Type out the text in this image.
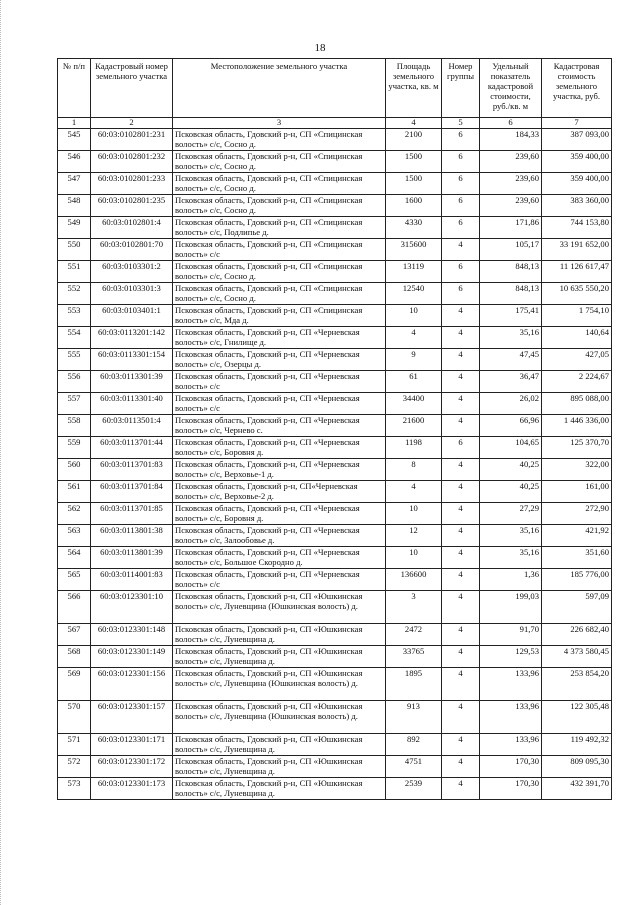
18
№ п/п	Кадастровый номер земельного участка	Местоположение земельного участка	Площадь земельного участка, кв. м	Номер группы	Удельный показатель кадастровой стоимости, руб./кв. м	Кадастровая стоимость земельного участка, руб.
1	2	3	4	5	6	7
545	60:03:0102801:231	Псковская область, Гдовский р-н, СП «Спицинская волость» с/с, Сосно д.	2100	6	184,33	387 093,00
546	60:03:0102801:232	Псковская область, Гдовский р-н, СП «Спицинская волость» с/с, Сосно д.	1500	6	239,60	359 400,00
547	60:03:0102801:233	Псковская область, Гдовский р-н, СП «Спицинская волость» с/с, Сосно д.	1500	6	239,60	359 400,00
548	60:03:0102801:235	Псковская область, Гдовский р-н, СП «Спицинская волость» с/с, Сосно д.	1600	6	239,60	383 360,00
549	60:03:0102801:4	Псковская область, Гдовский р-н, СП «Спицинская волость» с/с, Подлипье д.	4330	6	171,86	744 153,80
550	60:03:0102801:70	Псковская область, Гдовский р-н, СП «Спицинская волость» с/с	315600	4	105,17	33 191 652,00
551	60:03:0103301:2	Псковская область, Гдовский р-н, СП «Спицинская волость» с/с, Сосно д.	13119	6	848,13	11 126 617,47
552	60:03:0103301:3	Псковская область, Гдовский р-н, СП «Спицинская волость» с/с, Сосно д.	12540	6	848,13	10 635 550,20
553	60:03:0103401:1	Псковская область, Гдовский р-н, СП «Спицинская волость» с/с, Мда д.	10	4	175,41	1 754,10
554	60:03:0113201:142	Псковская область, Гдовский р-н, СП «Черневская волость» с/с, Гнилище д.	4	4	35,16	140,64
555	60:03:0113301:154	Псковская область, Гдовский р-н, СП «Черневская волость» с/с, Озерцы д.	9	4	47,45	427,05
556	60:03:0113301:39	Псковская область, Гдовский р-н, СП «Черневская волость» с/с	61	4	36,47	2 224,67
557	60:03:0113301:40	Псковская область, Гдовский р-н, СП «Черневская волость» с/с	34400	4	26,02	895 088,00
558	60:03:0113501:4	Псковская область, Гдовский р-н, СП «Черневская волость» с/с, Чернево с.	21600	4	66,96	1 446 336,00
559	60:03:0113701:44	Псковская область, Гдовский р-н, СП «Черневская волость» с/с, Боровня д.	1198	6	104,65	125 370,70
560	60:03:0113701:83	Псковская область, Гдовский р-н, СП «Черневская волость» с/с, Верховье-1 д.	8	4	40,25	322,00
561	60:03:0113701:84	Псковская область, Гдовский р-н, СП«Черневская волость» с/с, Верховье-2 д.	4	4	40,25	161,00
562	60:03:0113701:85	Псковская область, Гдовский р-н, СП «Черневская волость» с/с, Боровня д.	10	4	27,29	272,90
563	60:03:0113801:38	Псковская область, Гдовский р-н, СП «Черневская волость» с/с, Залообовье д.	12	4	35,16	421,92
564	60:03:0113801:39	Псковская область, Гдовский р-н, СП «Черневская волость» с/с, Большое Скородно д.	10	4	35,16	351,60
565	60:03:0114001:83	Псковская область, Гдовский р-н, СП «Черневская волость» с/с	136600	4	1,36	185 776,00
566	60:03:0123301:10	Псковская область, Гдовский р-н, СП «Юшкинская волость» с/с, Луневщина (Юшкинская волость) д.	3	4	199,03	597,09
567	60:03:0123301:148	Псковская область, Гдовский р-н, СП «Юшкинская волость» с/с, Луневщина д.	2472	4	91,70	226 682,40
568	60:03:0123301:149	Псковская область, Гдовский р-н, СП «Юшкинская волость» с/с, Луневщина д.	33765	4	129,53	4 373 580,45
569	60:03:0123301:156	Псковская область, Гдовский р-н, СП «Юшкинская волость» с/с, Луневщина (Юшкинская волость) д.	1895	4	133,96	253 854,20
570	60:03:0123301:157	Псковская область, Гдовский р-н, СП «Юшкинская волость» с/с, Луневщина (Юшкинская волость) д.	913	4	133,96	122 305,48
571	60:03:0123301:171	Псковская область, Гдовский р-н, СП «Юшкинская волость» с/с, Луневщина д.	892	4	133,96	119 492,32
572	60:03:0123301:172	Псковская область, Гдовский р-н, СП «Юшкинская волость» с/с, Луневщина д.	4751	4	170,30	809 095,30
573	60:03:0123301:173	Псковская область, Гдовский р-н, СП «Юшкинская волость» с/с, Луневщина д.	2539	4	170,30	432 391,70
